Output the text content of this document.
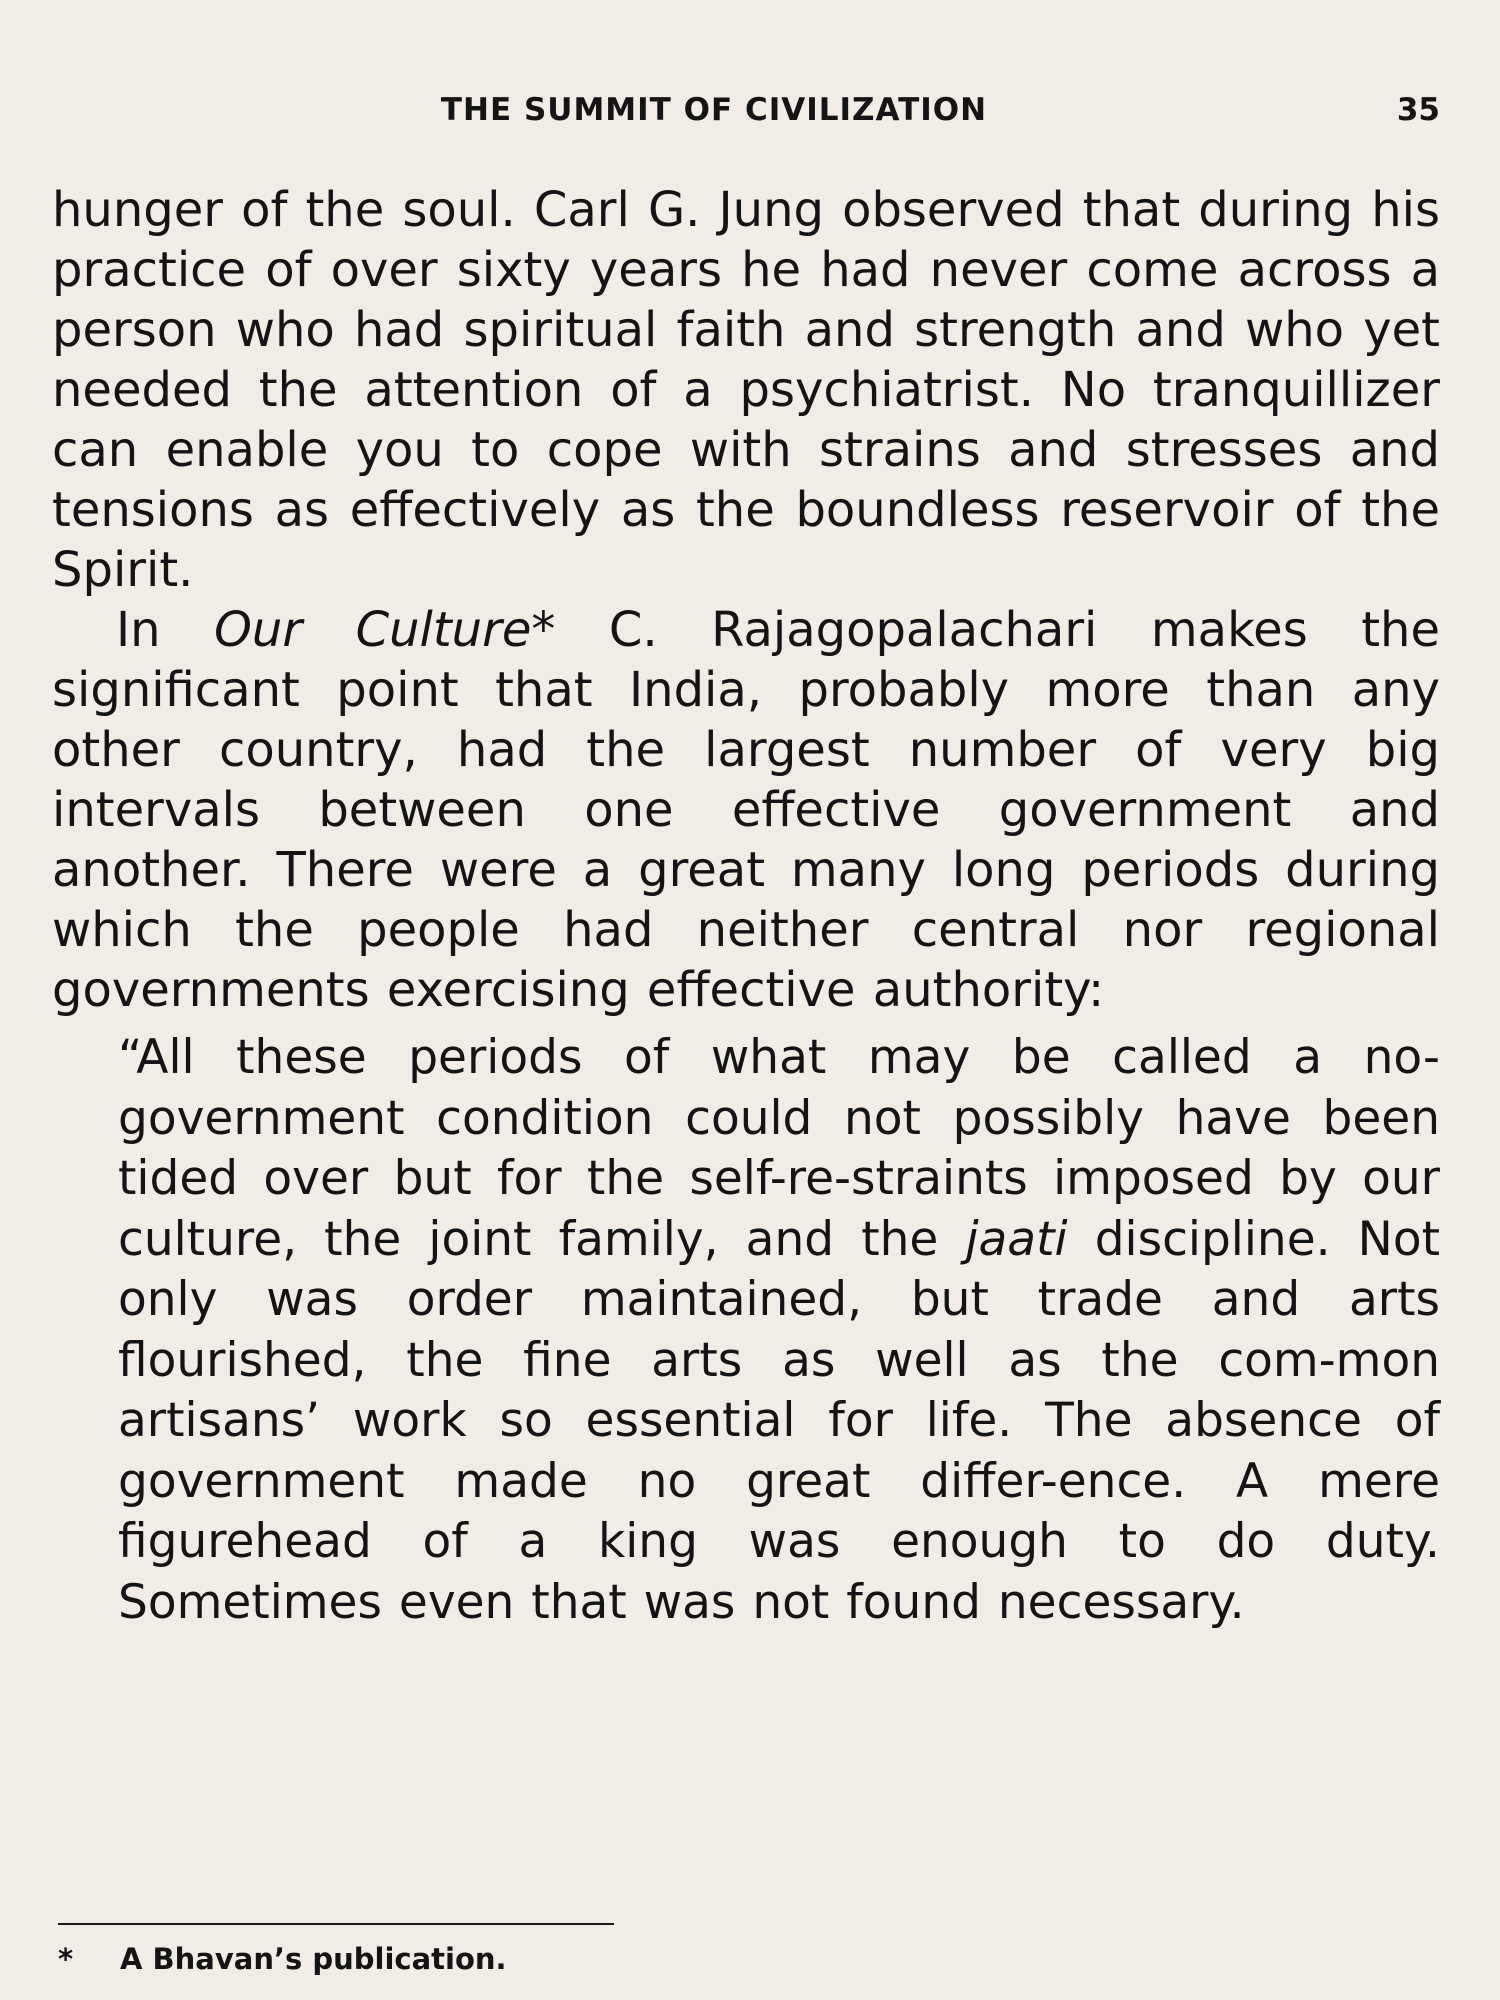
THE SUMMIT OF CIVILIZATION	35

hunger of the soul. Carl G. Jung observed that during his practice of over sixty years he had never come across a person who had spiritual faith and strength and who yet needed the attention of a psychiatrist. No tranquillizer can enable you to cope with strains and stresses and tensions as effectively as the boundless reservoir of the Spirit.

In Our Culture* C. Rajagopalachari makes the significant point that India, probably more than any other country, had the largest number of very big intervals between one effective government and another. There were a great many long periods during which the people had neither central nor regional governments exercising effective authority:

“All these periods of what may be called a no-government condition could not possibly have been tided over but for the self-re-straints imposed by our culture, the joint family, and the jaati discipline. Not only was order maintained, but trade and arts flourished, the fine arts as well as the com-mon artisans’ work so essential for life. The absence of government made no great differ-ence. A mere figurehead of a king was enough to do duty. Sometimes even that was not found necessary.

* A Bhavan’s publication.
